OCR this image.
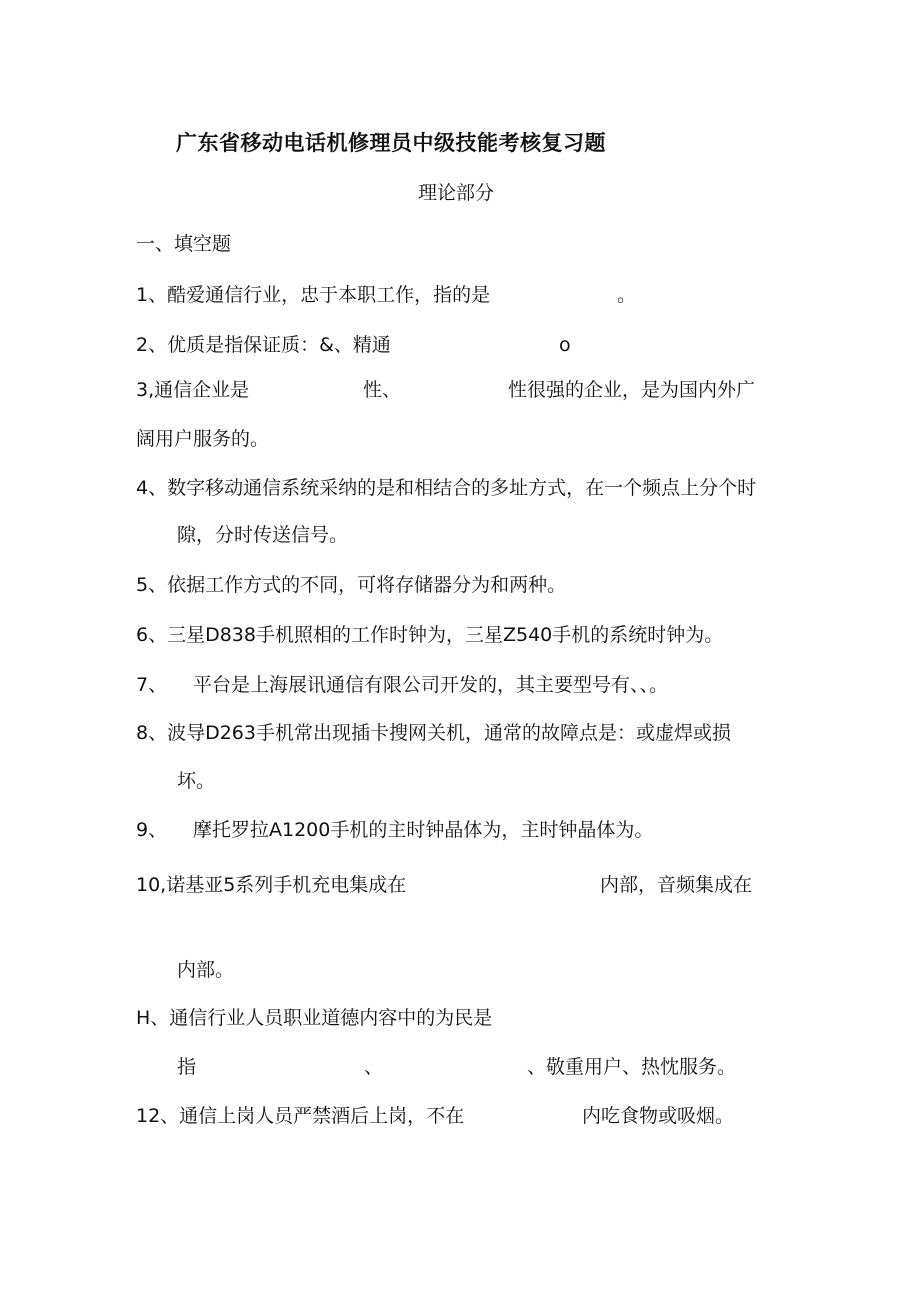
广东省移动电话机修理员中级技能考核复习题
理论部分
一、填空题
1、酷爱通信行业，忠于本职工作，指的是	。
2、优质是指保证质：&、精通	o
3,通信企业是	性、	性很强的企业，是为国内外广
阔用户服务的。
4、数字移动通信系统采纳的是和相结合的多址方式，在一个频点上分个时
隙，分时传送信号。
5、依据工作方式的不同，可将存储器分为和两种。
6、三星D838手机照相的工作时钟为，三星Z540手机的系统时钟为。
7、 平台是上海展讯通信有限公司开发的，其主要型号有、、。
8、波导D263手机常出现插卡搜网关机，通常的故障点是：或虚焊或损
坏。
9、 摩托罗拉A1200手机的主时钟晶体为，主时钟晶体为。
10,诺基亚5系列手机充电集成在	内部，音频集成在
内部。
H、通信行业人员职业道德内容中的为民是
指	、	、敬重用户、热忱服务。
12、通信上岗人员严禁酒后上岗，不在	内吃食物或吸烟。
